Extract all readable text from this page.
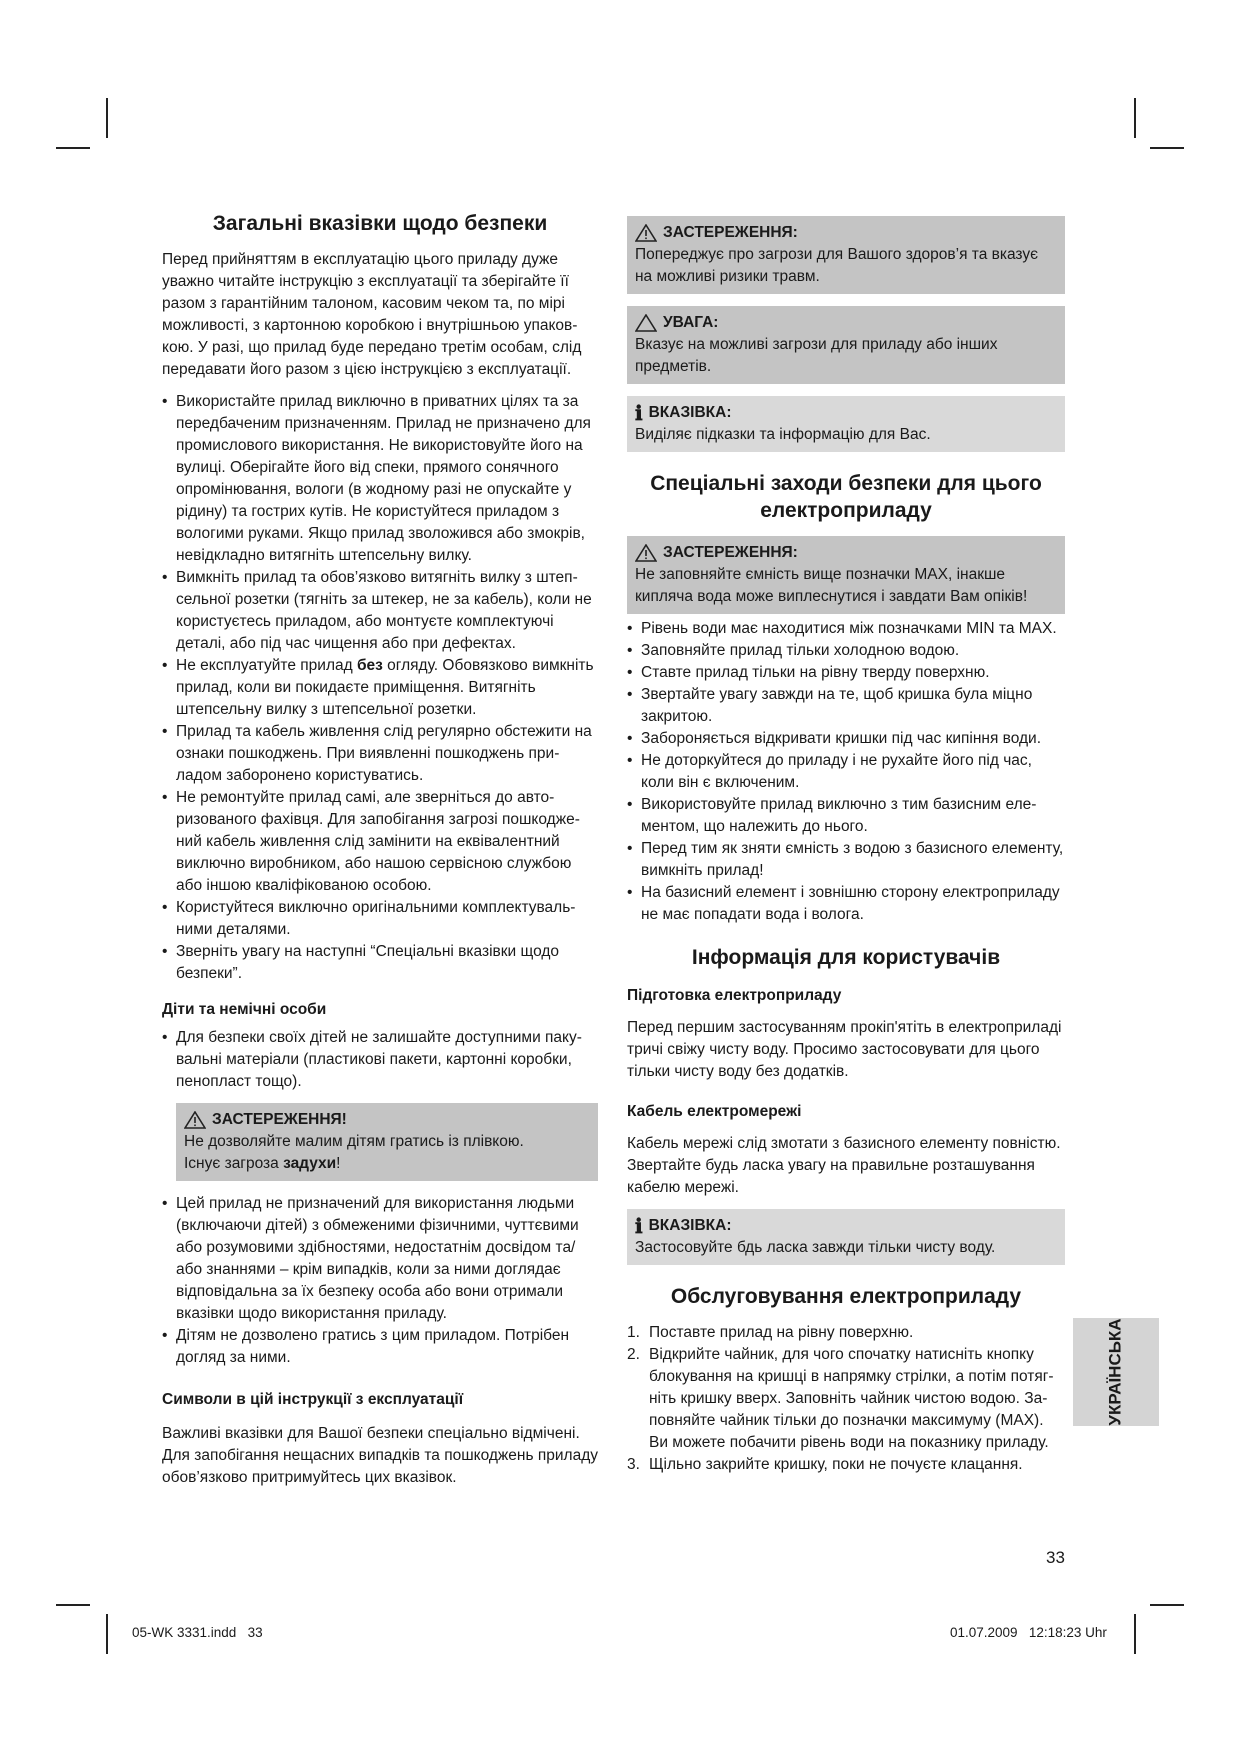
Загальні вказівки щодо безпеки

Перед прийняттям в експлуатацію цього приладу дуже уважно читайте інструкцію з експлуатації та зберігайте її разом з гарантійним талоном, касовим чеком та, по мірі можливості, з картонною коробкою і внутрішньою упаковкою. У разі, що прилад буде передано третім особам, слід передавати його разом з цією інструкцією з експлуатації.

• Використайте прилад виключно в приватних цілях та за передбаченим призначенням. Прилад не призначено для промислового використання. Не використовуйте його на вулиці. Оберігайте його від спеки, прямого сонячного опромінювання, вологи (в жодному разі не опускайте у рідину) та гострих кутів. Не користуйтеся приладом з вологими руками. Якщо прилад зволожився або змокрів, невідкладно витягніть штепсельну вилку.
• Вимкніть прилад та обов’язково витягніть вилку з штепсельної розетки (тягніть за штекер, не за кабель), коли не користуєтесь приладом, або монтуєте комплектуючі деталі, або під час чищення або при дефектах.
• Не експлуатуйте прилад без огляду. Обовязково вимкніть прилад, коли ви покидаєте приміщення. Витягніть штепсельну вилку з штепсельної розетки.
• Прилад та кабель живлення слід регулярно обстежити на ознаки пошкоджень. При виявленні пошкоджень приладом заборонено користуватись.
• Не ремонтуйте прилад самі, але зверніться до авторизованого фахівця. Для запобігання загрозі пошкоджений кабель живлення слід замінити на еквівалентний виключно виробником, або нашою сервісною службою або іншою кваліфікованою особою.
• Користуйтеся виключно оригінальними комплектувальними деталями.
• Зверніть увагу на наступні “Спеціальні вказівки щодо безпеки”.
Діти та немічні особи
• Для безпеки своїх дітей не залишайте доступними пакувальні матеріали (пластикові пакети, картонні коробки, пенопласт тощо).
ЗАСТЕРЕЖЕННЯ!
Не дозволяйте малим дітям гратись із плівкою.
Існує загроза задухи!
• Цей прилад не призначений для використання людьми (включаючи дітей) з обмеженими фізичними, чуттєвими або розумовими здібностями, недостатнім досвідом та/ або знаннями – крім випадків, коли за ними доглядає відповідальна за їх безпеку особа або вони отримали вказівки щодо використання приладу.
• Дітям не дозволено гратись з цим приладом. Потрібен догляд за ними.
Символи в цій інструкції з експлуатації

Важливі вказівки для Вашої безпеки спеціально відмічені. Для запобігання нещасних випадків та пошкоджень приладу обов’язково притримуйтесь цих вказівок.

ЗАСТЕРЕЖЕННЯ:
Попереджує про загрози для Вашого здоров’я та вказує на можливі ризики травм.
УВАГА:
Вказує на можливі загрози для приладу або інших предметів.
ℹ ВКАЗІВКА:
Виділяє підказки та інформацію для Вас.
Спеціальні заходи безпеки для цього електроприладу
ЗАСТЕРЕЖЕННЯ:
Не заповняйте ємність вище позначки MAX, інакше кипляча вода може виплеснутися і завдати Вам опіків!
• Рівень води має находитися між позначками MIN та MAX.
• Заповняйте прилад тільки холодною водою.
• Ставте прилад тільки на рівну тверду поверхню.
• Звертайте увагу завжди на те, щоб кришка була міцно закритою.
• Забороняється відкривати кришки під час кипіння води.
• Не доторкуйтеся до приладу і не рухайте його під час, коли він є включеним.
• Використовуйте прилад виключно з тим базисним елементом, що належить до нього.
• Перед тим як зняти ємність з водою з базисного елементу, вимкніть прилад!
• На базисний елемент і зовнішню сторону електроприладу не має попадати вода і волога.
Інформація для користувачів
Підготовка електроприладу

Перед першим застосуванням прокіп'ятіть в електроприладі тричі свіжу чисту воду. Просимо застосовувати для цього тільки чисту воду без додатків.

Кабель електромережі

Кабель мережі слід змотати з базисного елементу повністю. Звертайте будь ласка увагу на правильне розташування кабелю мережі.

ℹ ВКАЗІВКА:
Застосовуйте бдь ласка завжди тільки чисту воду.
Обслуговування електроприладу
1. Поставте прилад на рівну поверхню.
2. Відкрийте чайник, для чого спочатку натисніть кнопку блокування на кришці в напрямку стрілки, а потім потягніть кришку вверх. Заповніть чайник чистою водою. Заповняйте чайник тільки до позначки максимуму (MAX). Ви можете побачити рівень води на показнику приладу.
3. Щільно закрийте кришку, поки не почуєте клацання.
УКРАЇНСЬКА
33
05-WK 3331.indd   33	01.07.2009   12:18:23 Uhr
